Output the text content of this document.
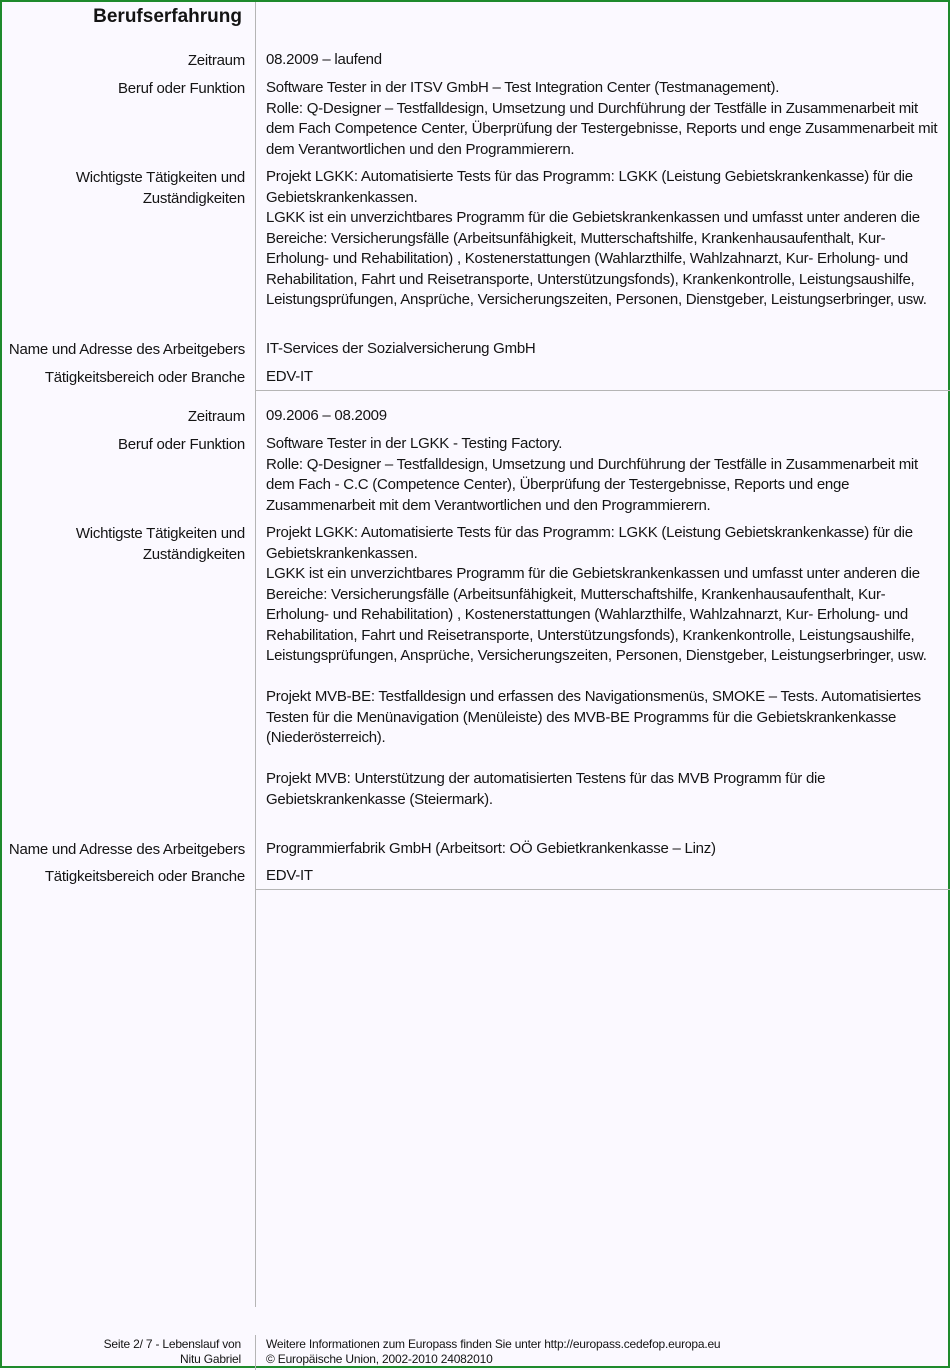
Berufserfahrung
Zeitraum 08.2009 – laufend
Beruf oder Funktion Software Tester in der ITSV GmbH – Test Integration Center (Testmanagement).

Rolle: Q-Designer – Testfalldesign, Umsetzung und Durchführung der Testfälle in Zusammenarbeit mit dem Fach Competence Center, Überprüfung der Testergebnisse, Reports und enge Zusammenarbeit mit dem Verantwortlichen und den Programmierern.

Wichtigste Tätigkeiten und Zuständigkeiten

Projekt LGKK: Automatisierte Tests für das Programm: LGKK (Leistung Gebietskrankenkasse) für die Gebietskrankenkassen.

LGKK ist ein unverzichtbares Programm für die Gebietskrankenkassen und umfasst unter anderen die Bereiche: Versicherungsfälle (Arbeitsunfähigkeit, Mutterschaftshilfe, Krankenhausaufenthalt, Kur-Erholung- und Rehabilitation) , Kostenerstattungen (Wahlarzthilfe, Wahlzahnarzt, Kur- Erholung- und Rehabilitation, Fahrt und Reisetransporte, Unterstützungsfonds), Krankenkontrolle, Leistungsaushilfe, Leistungsprüfungen, Ansprüche, Versicherungszeiten, Personen, Dienstgeber, Leistungserbringer, usw.

Name und Adresse des Arbeitgebers IT-Services der Sozialversicherung GmbH
Tätigkeitsbereich oder Branche EDV-IT
Zeitraum 09.2006 – 08.2009
Beruf oder Funktion Software Tester in der LGKK - Testing Factory.

Rolle: Q-Designer – Testfalldesign, Umsetzung und Durchführung der Testfälle in Zusammenarbeit mit dem Fach - C.C (Competence Center), Überprüfung der Testergebnisse, Reports und enge Zusammenarbeit mit dem Verantwortlichen und den Programmierern.

Wichtigste Tätigkeiten und Zuständigkeiten

Projekt LGKK: Automatisierte Tests für das Programm: LGKK (Leistung Gebietskrankenkasse) für die Gebietskrankenkassen.

LGKK ist ein unverzichtbares Programm für die Gebietskrankenkassen und umfasst unter anderen die Bereiche: Versicherungsfälle (Arbeitsunfähigkeit, Mutterschaftshilfe, Krankenhausaufenthalt, Kur-Erholung- und Rehabilitation) , Kostenerstattungen (Wahlarzthilfe, Wahlzahnarzt, Kur- Erholung- und Rehabilitation, Fahrt und Reisetransporte, Unterstützungsfonds), Krankenkontrolle, Leistungsaushilfe, Leistungsprüfungen, Ansprüche, Versicherungszeiten, Personen, Dienstgeber, Leistungserbringer, usw.

Projekt MVB-BE: Testfalldesign und erfassen des Navigationsmenüs, SMOKE – Tests. Automatisiertes Testen für die Menünavigation (Menüleiste) des MVB-BE Programms für die Gebietskrankenkasse (Niederösterreich).

Projekt MVB: Unterstützung der automatisierten Testens für das MVB Programm für die Gebietskrankenkasse (Steiermark).

Name und Adresse des Arbeitgebers Programmierfabrik GmbH (Arbeitsort: OÖ Gebietkrankenkasse – Linz)
Tätigkeitsbereich oder Branche EDV-IT
Seite 2/ 7 - Lebenslauf von
Nitu Gabriel
Weitere Informationen zum Europass finden Sie unter http://europass.cedefop.europa.eu
© Europäische Union, 2002-2010 24082010
